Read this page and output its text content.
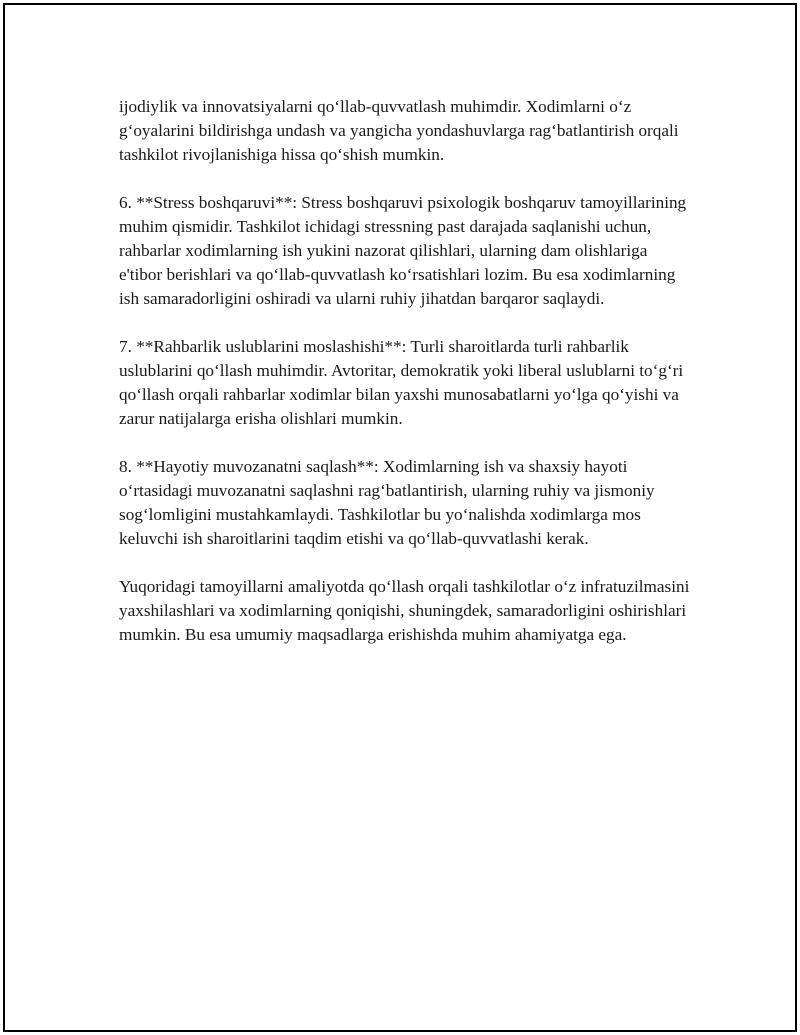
ijodiylik va innovatsiyalarni qo‘llab-quvvatlash muhimdir. Xodimlarni o‘z g‘oyalarini bildirishga undash va yangicha yondashuvlarga rag‘batlantirish orqali tashkilot rivojlanishiga hissa qo‘shish mumkin.

6. **Stress boshqaruvi**: Stress boshqaruvi psixologik boshqaruv tamoyillarining muhim qismidir. Tashkilot ichidagi stressning past darajada saqlanishi uchun, rahbarlar xodimlarning ish yukini nazorat qilishlari, ularning dam olishlariga e'tibor berishlari va qo‘llab-quvvatlash ko‘rsatishlari lozim. Bu esa xodimlarning ish samaradorligini oshiradi va ularni ruhiy jihatdan barqaror saqlaydi.

7. **Rahbarlik uslublarini moslashishi**: Turli sharoitlarda turli rahbarlik uslublarini qo‘llash muhimdir. Avtoritar, demokratik yoki liberal uslublarni to‘g‘ri qo‘llash orqali rahbarlar xodimlar bilan yaxshi munosabatlarni yo‘lga qo‘yishi va zarur natijalarga erisha olishlari mumkin.

8. **Hayotiy muvozanatni saqlash**: Xodimlarning ish va shaxsiy hayoti o‘rtasidagi muvozanatni saqlashni rag‘batlantirish, ularning ruhiy va jismoniy sog‘lomligini mustahkamlaydi. Tashkilotlar bu yo‘nalishda xodimlarga mos keluvchi ish sharoitlarini taqdim etishi va qo‘llab-quvvatlashi kerak.

Yuqoridagi tamoyillarni amaliyotda qo‘llash orqali tashkilotlar o‘z infratuzilmasini yaxshilashlari va xodimlarning qoniqishi, shuningdek, samaradorligini oshirishlari mumkin. Bu esa umumiy maqsadlarga erishishda muhim ahamiyatga ega.
